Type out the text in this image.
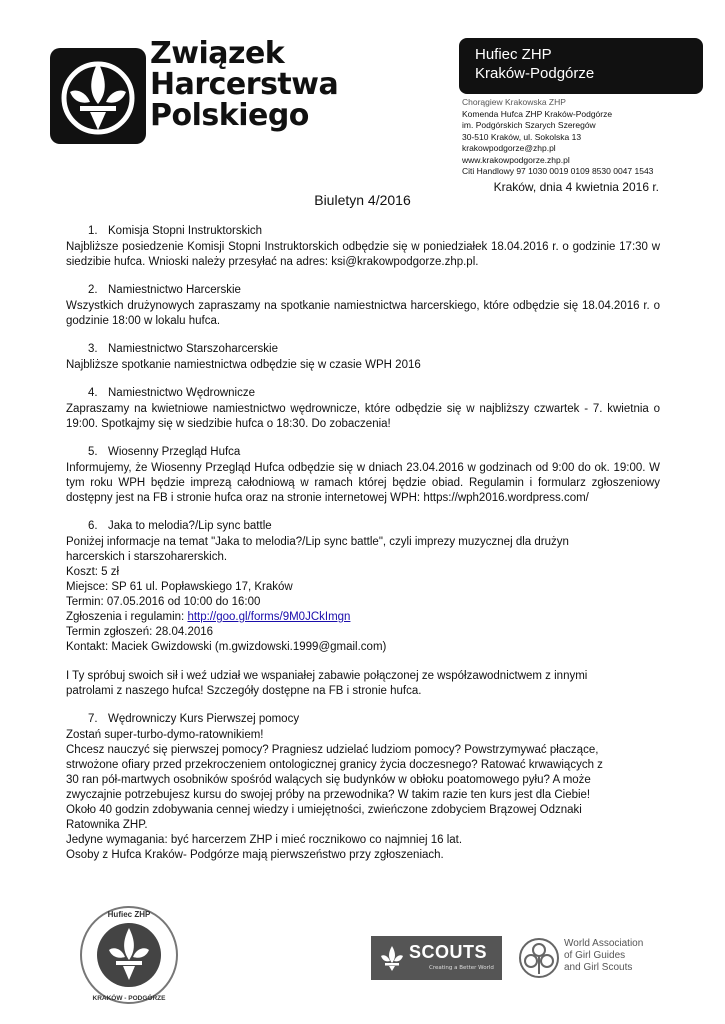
Związek
Harcerstwa
Polskiego
Hufiec ZHP
Kraków-Podgórze
Chorągiew Krakowska ZHP
Komenda Hufca ZHP Kraków-Podgórze
im. Podgórskich Szarych Szeregów
30-510 Kraków, ul. Sokolska 13
krakowpodgorze@zhp.pl
www.krakowpodgorze.zhp.pl
Citi Handlowy 97 1030 0019 0109 8530 0047 1543
Kraków, dnia 4 kwietnia 2016 r.
Biuletyn 4/2016
1. Komisja Stopni Instruktorskich
Najbliższe posiedzenie Komisji Stopni Instruktorskich odbędzie się w poniedziałek 18.04.2016 r. o godzinie 17:30 w siedzibie hufca. Wnioski należy przesyłać na adres: ksi@krakowpodgorze.zhp.pl.
2. Namiestnictwo Harcerskie
Wszystkich drużynowych zapraszamy na spotkanie namiestnictwa harcerskiego, które odbędzie się 18.04.2016 r. o godzinie 18:00 w lokalu hufca.
3. Namiestnictwo Starszoharcerskie
Najbliższe spotkanie namiestnictwa odbędzie się w czasie WPH 2016
4. Namiestnictwo Wędrownicze
Zapraszamy na kwietniowe namiestnictwo wędrownicze, które odbędzie się w najbliższy czwartek - 7. kwietnia o 19:00. Spotkajmy się w siedzibie hufca o 18:30. Do zobaczenia!
5. Wiosenny Przegląd Hufca
Informujemy, że Wiosenny Przegląd Hufca odbędzie się w dniach 23.04.2016 w godzinach od 9:00 do ok. 19:00. W tym roku WPH będzie imprezą całodniową w ramach której będzie obiad. Regulamin i formularz zgłoszeniowy dostępny jest na FB i stronie hufca oraz na stronie internetowej WPH: https://wph2016.wordpress.com/
6. Jaka to melodia?/Lip sync battle
Poniżej informacje na temat "Jaka to melodia?/Lip sync battle", czyli imprezy muzycznej dla drużyn
harcerskich i starszoharerskich.
Koszt: 5 zł
Miejsce: SP 61 ul. Popławskiego 17, Kraków
Termin: 07.05.2016 od 10:00 do 16:00
Zgłoszenia i regulamin: http://goo.gl/forms/9M0JCkImgn
Termin zgłoszeń: 28.04.2016
Kontakt: Maciek Gwizdowski (m.gwizdowski.1999@gmail.com)
I Ty spróbuj swoich sił i weź udział we wspaniałej zabawie połączonej ze współzawodnictwem z innymi
patrolami z naszego hufca! Szczegóły dostępne na FB i stronie hufca.
7. Wędrowniczy Kurs Pierwszej pomocy
Zostań super-turbo-dymo-ratownikiem!
Chcesz nauczyć się pierwszej pomocy? Pragniesz udzielać ludziom pomocy? Powstrzymywać płaczące,
strwożone ofiary przed przekroczeniem ontologicznej granicy życia doczesnego? Ratować krwawiących z
30 ran pół-martwych osobników spośród walących się budynków w obłoku poatomowego pyłu? A może
zwyczajnie potrzebujesz kursu do swojej próby na przewodnika? W takim razie ten kurs jest dla Ciebie!
Około 40 godzin zdobywania cennej wiedzy i umiejętności, zwieńczone zdobyciem Brązowej Odznaki
Ratownika ZHP.
Jedyne wymagania: być harcerzem ZHP i mieć rocznikowo co najmniej 16 lat.
Osoby z Hufca Kraków- Podgórze mają pierwszeństwo przy zgłoszeniach.
Hufiec ZHP
KRAKÓW - PODGÓRZE
SCOUTS
Creating a Better World
World Association
of Girl Guides
and Girl Scouts
